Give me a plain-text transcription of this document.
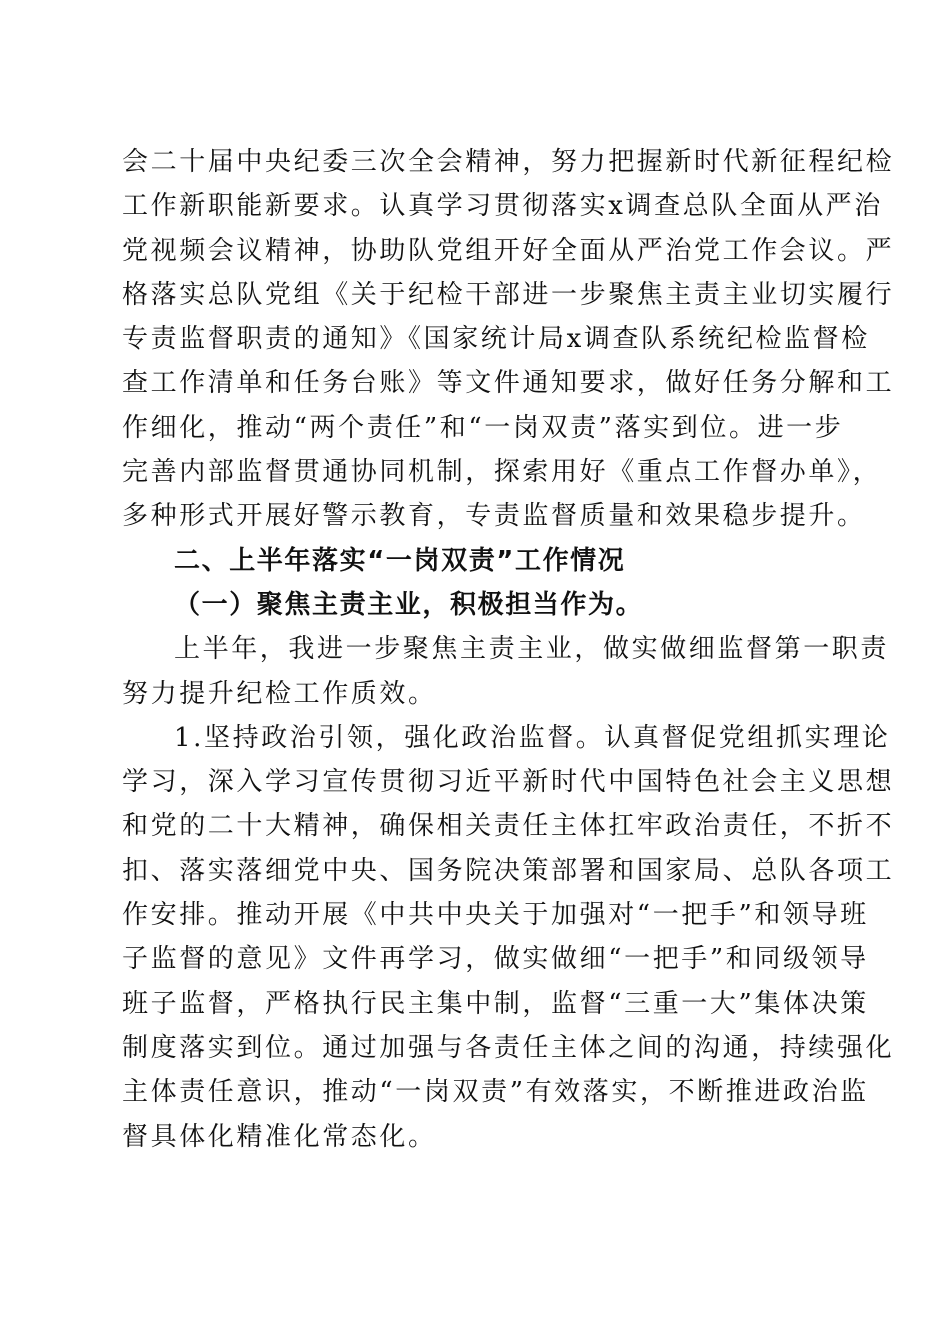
会二十届中央纪委三次全会精神，努力把握新时代新征程纪检
工作新职能新要求。认真学习贯彻落实x调查总队全面从严治
党视频会议精神，协助队党组开好全面从严治党工作会议。严
格落实总队党组《关于纪检干部进一步聚焦主责主业切实履行
专责监督职责的通知》《国家统计局x调查队系统纪检监督检
查工作清单和任务台账》等文件通知要求，做好任务分解和工
作细化，推动“两个责任”和“一岗双责”落实到位。进一步
完善内部监督贯通协同机制，探索用好《重点工作督办单》，
多种形式开展好警示教育，专责监督质量和效果稳步提升。
二、上半年落实“一岗双责”工作情况
（一）聚焦主责主业，积极担当作为。
上半年，我进一步聚焦主责主业，做实做细监督第一职责
努力提升纪检工作质效。
1.坚持政治引领，强化政治监督。认真督促党组抓实理论
学习，深入学习宣传贯彻习近平新时代中国特色社会主义思想
和党的二十大精神，确保相关责任主体扛牢政治责任，不折不
扣、落实落细党中央、国务院决策部署和国家局、总队各项工
作安排。推动开展《中共中央关于加强对“一把手”和领导班
子监督的意见》文件再学习，做实做细“一把手”和同级领导
班子监督，严格执行民主集中制，监督“三重一大”集体决策
制度落实到位。通过加强与各责任主体之间的沟通，持续强化
主体责任意识，推动“一岗双责”有效落实，不断推进政治监
督具体化精准化常态化。
